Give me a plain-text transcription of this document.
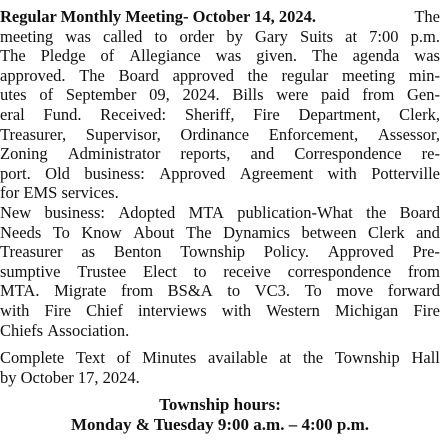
Regular Monthly Meeting- October 14, 2024.	The
meeting was called to order by Gary Suits at 7:00 p.m.
The Pledge of Allegiance was given. The agenda was
approved. The Board approved the regular meeting min-
utes of September 09, 2024. Bills were paid from Gen-
eral Fund. Received: Sheriff, Fire Department, Clerk,
Treasurer, Supervisor, Ordinance Enforcement, Assessor,
Zoning Administrator reports, and Correspondence re-
port. Old business: Approved Agreement with Potterville
for EMS services.
New business: Adopted MTA publication-What the Board
Needs To Know About The Dynamics between Clerk and
Treasurer as Benton Township Policy. Approved Pre-
sumptive Trustee Elect to receive correspondence from
MTA. Migrate from BS&A to VC3. To move forward
with Fire Chief interviews with Western Michigan Fire
Chiefs Association.
Complete Text of Minutes available at the Township Hall
by October 17, 2024.
Township hours:
Monday & Tuesday 9:00 a.m. – 4:00 p.m.
